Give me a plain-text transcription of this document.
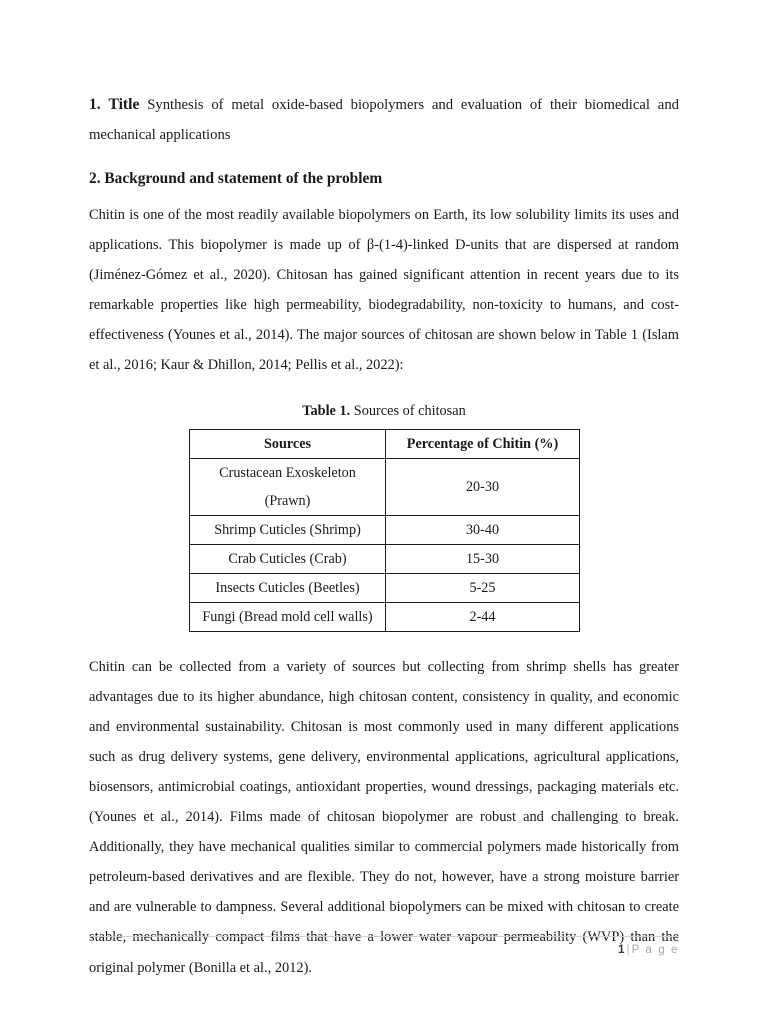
1. Title Synthesis of metal oxide-based biopolymers and evaluation of their biomedical and mechanical applications

2. Background and statement of the problem

Chitin is one of the most readily available biopolymers on Earth, its low solubility limits its uses and applications. This biopolymer is made up of β-(1-4)-linked D-units that are dispersed at random (Jiménez-Gómez et al., 2020). Chitosan has gained significant attention in recent years due to its remarkable properties like high permeability, biodegradability, non-toxicity to humans, and cost-effectiveness (Younes et al., 2014). The major sources of chitosan are shown below in Table 1 (Islam et al., 2016; Kaur & Dhillon, 2014; Pellis et al., 2022):

Table 1. Sources of chitosan

Sources	Percentage of Chitin (%)

Crustacean Exoskeleton
(Prawn)	20-30

Shrimp Cuticles (Shrimp)	30-40
Crab Cuticles (Crab)	15-30
Insects Cuticles (Beetles)	5-25
Fungi (Bread mold cell walls)	2-44

Chitin can be collected from a variety of sources but collecting from shrimp shells has greater advantages due to its higher abundance, high chitosan content, consistency in quality, and economic and environmental sustainability. Chitosan is most commonly used in many different applications such as drug delivery systems, gene delivery, environmental applications, agricultural applications, biosensors, antimicrobial coatings, antioxidant properties, wound dressings, packaging materials etc. (Younes et al., 2014). Films made of chitosan biopolymer are robust and challenging to break. Additionally, they have mechanical qualities similar to commercial polymers made historically from petroleum-based derivatives and are flexible. They do not, however, have a strong moisture barrier and are vulnerable to dampness. Several additional biopolymers can be mixed with chitosan to create stable, mechanically compact films that have a lower water vapour permeability (WVP) than the original polymer (Bonilla et al., 2012).

1 | P a g e
